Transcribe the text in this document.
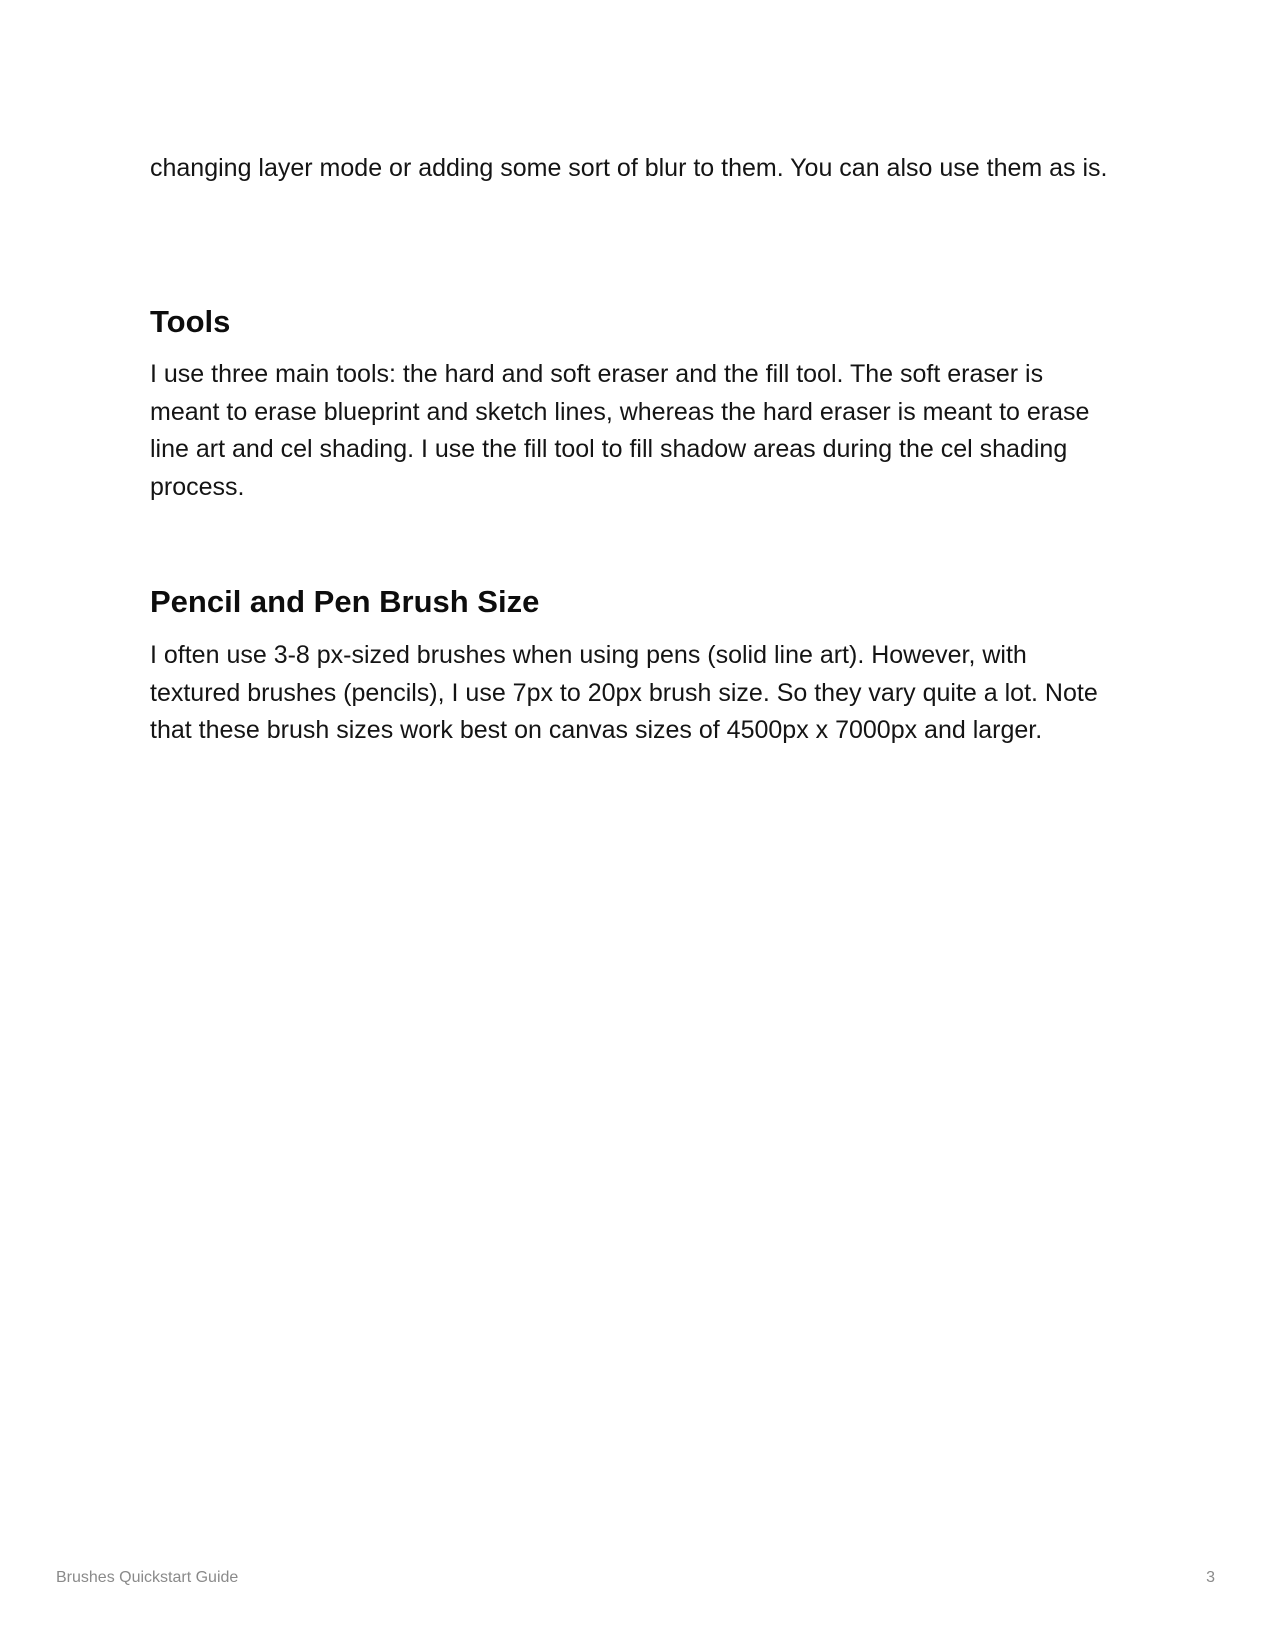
changing layer mode or adding some sort of blur to them. You can also use them as is.

Tools

I use three main tools: the hard and soft eraser and the fill tool. The soft eraser is meant to erase blueprint and sketch lines, whereas the hard eraser is meant to erase line art and cel shading. I use the fill tool to fill shadow areas during the cel shading process.

Pencil and Pen Brush Size

I often use 3-8 px-sized brushes when using pens (solid line art). However, with textured brushes (pencils), I use 7px to 20px brush size. So they vary quite a lot. Note that these brush sizes work best on canvas sizes of 4500px x 7000px and larger.

Brushes Quickstart Guide	3
